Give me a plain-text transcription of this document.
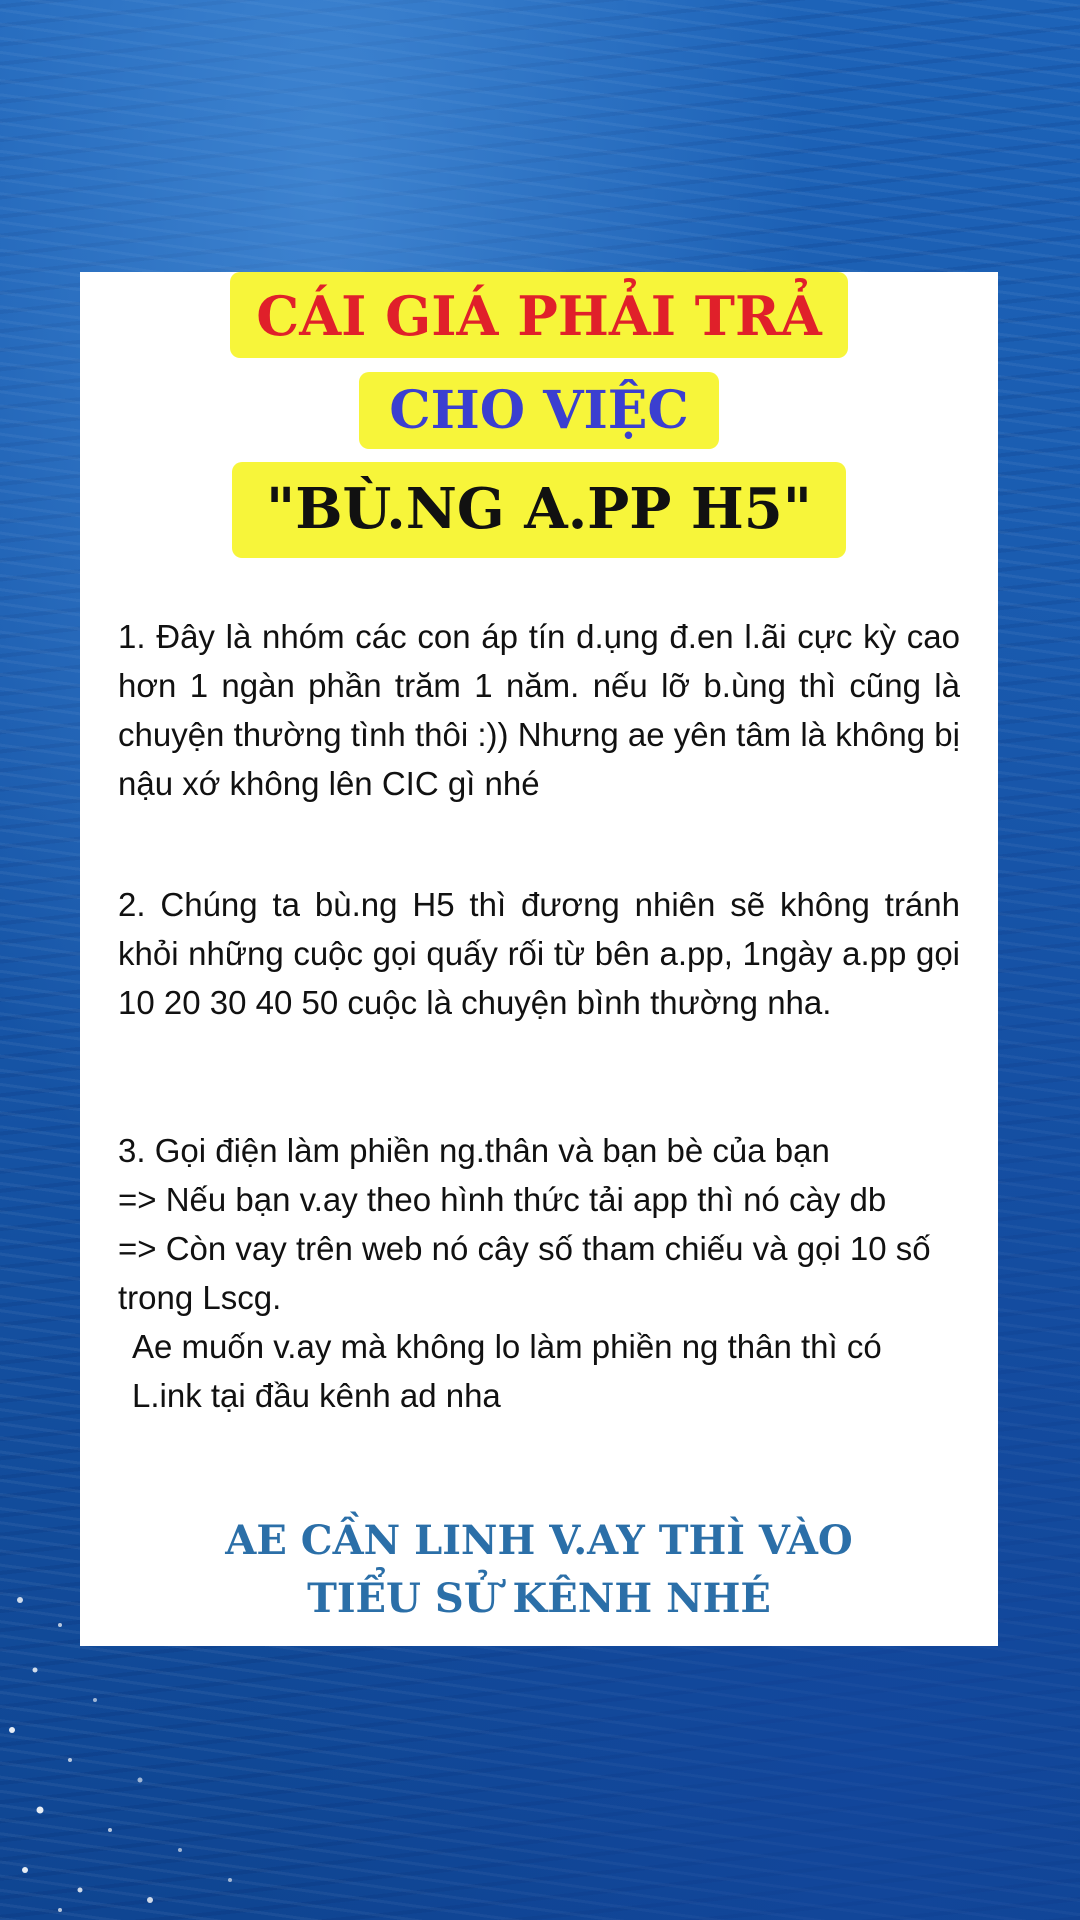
CÁI GIÁ PHẢI TRẢ
CHO VIỆC
"BÙ.NG A.PP H5"

1. Đây là nhóm các con áp tín d.ụng đ.en l.ãi cực kỳ cao hơn 1 ngàn phần trăm 1 năm. nếu lỡ b.ùng thì cũng là chuyện thường tình thôi :)) Nhưng ae yên tâm là không bị nậu xớ không lên CIC gì nhé

2. Chúng ta bù.ng H5 thì đương nhiên sẽ không tránh khỏi những cuộc gọi quấy rối từ bên a.pp, 1ngày a.pp gọi 10 20 30 40 50 cuộc là chuyện bình thường nha.

3. Gọi điện làm phiền ng.thân và bạn bè của bạn
=> Nếu bạn v.ay theo hình thức tải app thì nó cày db
=> Còn vay trên web nó cây số tham chiếu và gọi 10 số trong Lscg.
Ae muốn v.ay mà không lo làm phiền ng thân thì có L.ink tại đầu kênh ad nha

AE CẦN LINH V.AY THÌ VÀO
TIỂU SỬ KÊNH NHÉ
